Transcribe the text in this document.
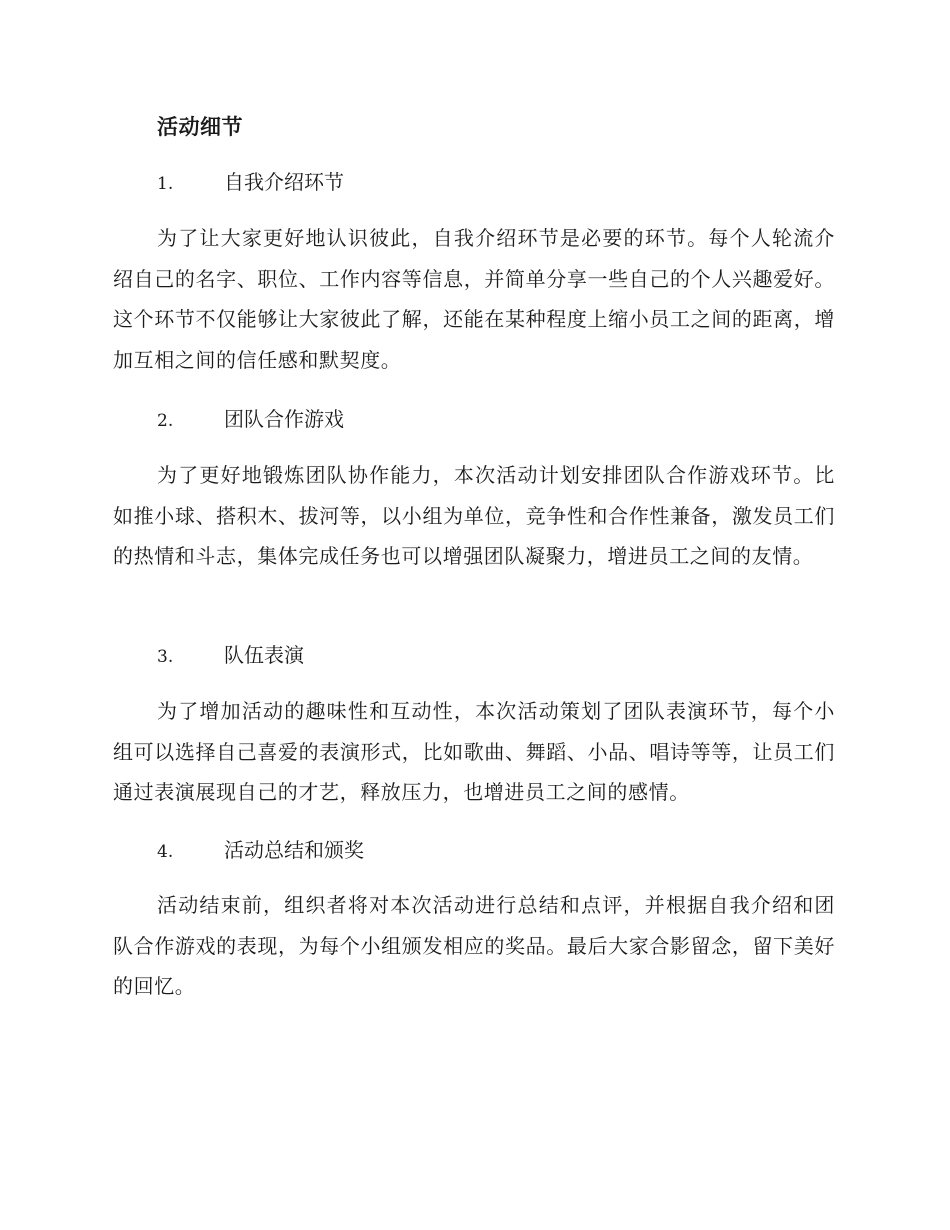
活动细节
1.	自我介绍环节
为了让大家更好地认识彼此，自我介绍环节是必要的环节。每个人轮流介绍自己的名字、职位、工作内容等信息，并简单分享一些自己的个人兴趣爱好。这个环节不仅能够让大家彼此了解，还能在某种程度上缩小员工之间的距离，增加互相之间的信任感和默契度。
2.	团队合作游戏
为了更好地锻炼团队协作能力，本次活动计划安排团队合作游戏环节。比如推小球、搭积木、拔河等，以小组为单位，竞争性和合作性兼备，激发员工们的热情和斗志，集体完成任务也可以增强团队凝聚力，增进员工之间的友情。
3.	队伍表演
为了增加活动的趣味性和互动性，本次活动策划了团队表演环节，每个小组可以选择自己喜爱的表演形式，比如歌曲、舞蹈、小品、唱诗等等，让员工们通过表演展现自己的才艺，释放压力，也增进员工之间的感情。
4.	活动总结和颁奖
活动结束前，组织者将对本次活动进行总结和点评，并根据自我介绍和团队合作游戏的表现，为每个小组颁发相应的奖品。最后大家合影留念，留下美好的回忆。
